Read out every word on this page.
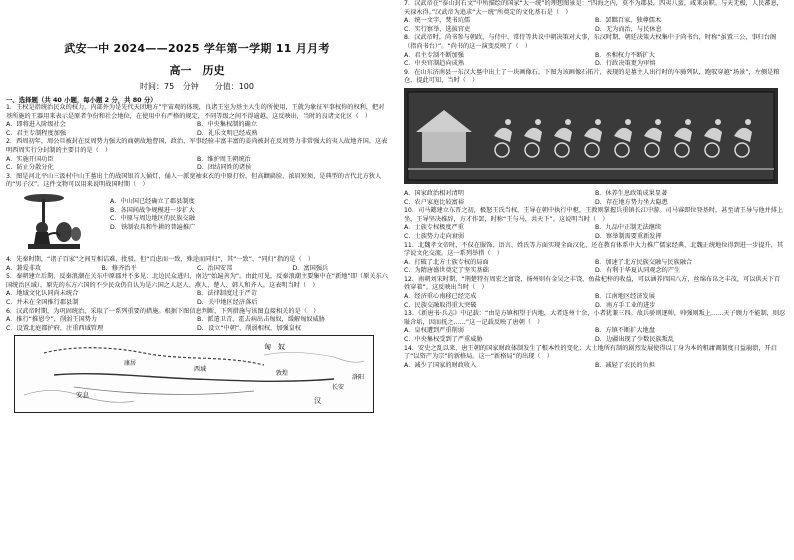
武安一中 2024——2025 学年第一学期 11 月月考
高一　历史
时间：75 分钟　　分值：100
一、选择题（共 40 小题，每小题 2 分，共 80 分）

1．王权是指统治民众的权力，内部外为是先代天团地方”宇宙观的体现，良诸王室为基主人生的所使用，王就为象征军事权你的权利，把对基所施的王器用来表示是原者争份和社会地位，在使用中有严格的规定，不同等级之间不得逾越。这反映出，当时的良诸文化区（　）

A．即将进入阶级社会	B．中央集权制的确立
C．君主专制程度加强	D．礼乐文明已经成熟

2．西周初年，周公旦被封在反周势力强大的商朝故地曹国，政治、军事经验丰富丰富的姜尚被封在反周势力非常强大的夷人故地齐国。这表明西周实行分封制的主要目的是（　）

A．实施开国功臣	B．维护周王朝统治
C．防止分散分化	D．团结同姓的诸侯

3．图是河北平山三汲村中山王墓出土的战国银首人俑灯，俑人一派宽袖束衣的中原打扮，但高颧扁脸，浓眉短须，是典型的古代北方狄人的“男子汉”。这件文物可以用来说明战国时期（　）

A．中山国已经确立了郡县制度
B．各国间战争规模进一步扩大
C．中原与周边地区的民族交融
D．铁制农具和牛耕的普遍推广

4．先秦时期，“诸子百家”之间互相诘难、批驳，但“百虑而一致，殊途而同归”，其“一致”、“同归”指的是（　）

A．兼爱非攻	B．修齐治平	C．治国安邦	D．富国强兵

5．秦朝建立后期，反秦浪潮在关东中原郡并不多见：北边民众逃归，南边“始遍善为”。由此可见，反秦浪潮主要集中在“新地”即（原关东六国统治区域）。原先的东方六国的不少民众仍自认为是六国之人赵人、燕人、楚人、韩人和齐人。这表明当时（　）

A．地域文化认同尚未统合	B．法律制度过于严苛
C．并未在全国推行郡县制	D．关中地区经济落后

6．汉武帝时期，为巩固统治，采取了一系列重要的措施。根据下图信息判断，下列措施与该图直接相关的是（　）

A．推行“推恩令”，削弱王国势力	B．派遣卫青、霍去病出击匈奴，缓解匈奴威胁
C．设置北庭都护府，注重西域管理	D．设立“中朝”，削弱相权，加强皇权
匈　奴
敦煌
西域
安息
康居
长安
洛阳
汉

7．汉武帝在“泰山封石文”中所描绘的国家“大一统”的理想图景是：“四海之内，莫不为郡县，四夷八蛮，咸来贡职。与天无极，人民蕃息，天禄永得。”汉武帝为追求“大一统”所奠定的文化基石是（　）

A．统一文字，焚书坑儒	B．罢黜百家，独尊儒术
C．实行察举，选拔官吏	D．无为而治，与民休息

8．汉武帝时，尚书参与朝政，与侍中、常侍等共议中朝决策对大事，东汉时期，朝廷决策大权集中于尚书台，时称“虽置三公，事归台阁（指尚书台）”。“尚书的这一演变反映了（　）

A．君主专制不断加强	B．丞相权力不断扩大
C．中央官制趋向成熟	D．行政决策更为审慎

9．在山东济南县一东汉大墓中出土了一块画像石。下图为该画像石拓片，表现的是墓主人出行时的车骑列队，跑驭穿越“场景”，左侧是粮仓，提此可知，当时（　）

A．国家政治相对清明	B．休养生息政策成果显著
C．农户家庭比较富裕	D．存在地方势力坐大隐患

10．司马懿建立东晋之初，极怒王氏当权，王导在朝中执行中枢，王敦则掌握兵重镇长江中游。司马睿即位登基时，甚至请王导与他并排上坐，王导坚决推辞，方才作罢，时称“王与马，共天下”。这说明当时（　）

A．士族专权极度严重	B．九品中正制无法继续
C．士族势力走向衰弱	D．察举制需要重新发挥

11．北魏孝文帝时，不仅在服饰、语言、姓氏等方面实现全面汉化，还在教育体系中大力推广儒家经典，北魏正统地位得到进一步提升，其学说文化交流。这一系列举措（　）

A．打破了北方士族专权的局面	B．加速了北方民族交融与民族融合
C．为隋唐盛世奠定了坚实基础	D．有利于华夏认同观念的产生

12．南朝刘宋时期，“荆楚特有周宏之富饶，扬州则有金吴之丰饶，鱼盐杞梓的收益，可以涵养四国八方，丝绵布帛之丰茂，可以供天下百姓穿着”。这反映出当时（　）

A．经济重心南移已经完成	B．江南地区经济发展
C．民族交融取得重大突破	D．南方手工业的进步

13．《新唐书·兵志》中记载：“由是方镇相望于内地，大者连州十余，小者犹兼三四。故兵骄则逐帅，帅强则叛上……天子顾力不能制，则忍耻含垢，因而抚之……”这一记载反映了唐朝（　）

A．皇权遭到严重削弱	B．方镇不断扩大地盘
C．中央集权受到了严重威胁	D．边疆出现了少数民族叛乱

14．安史之乱以来，唐王朝的国家财政体制发生了根本性的变化；大土地所有制的剧烈发展使得以丁身为本的租庸调制度日益崩溃，开启了“以资产为宗”的新格局。这一“新格局”的出现（　）

A．减少了国家的财政收入	B．减轻了农民的负担
